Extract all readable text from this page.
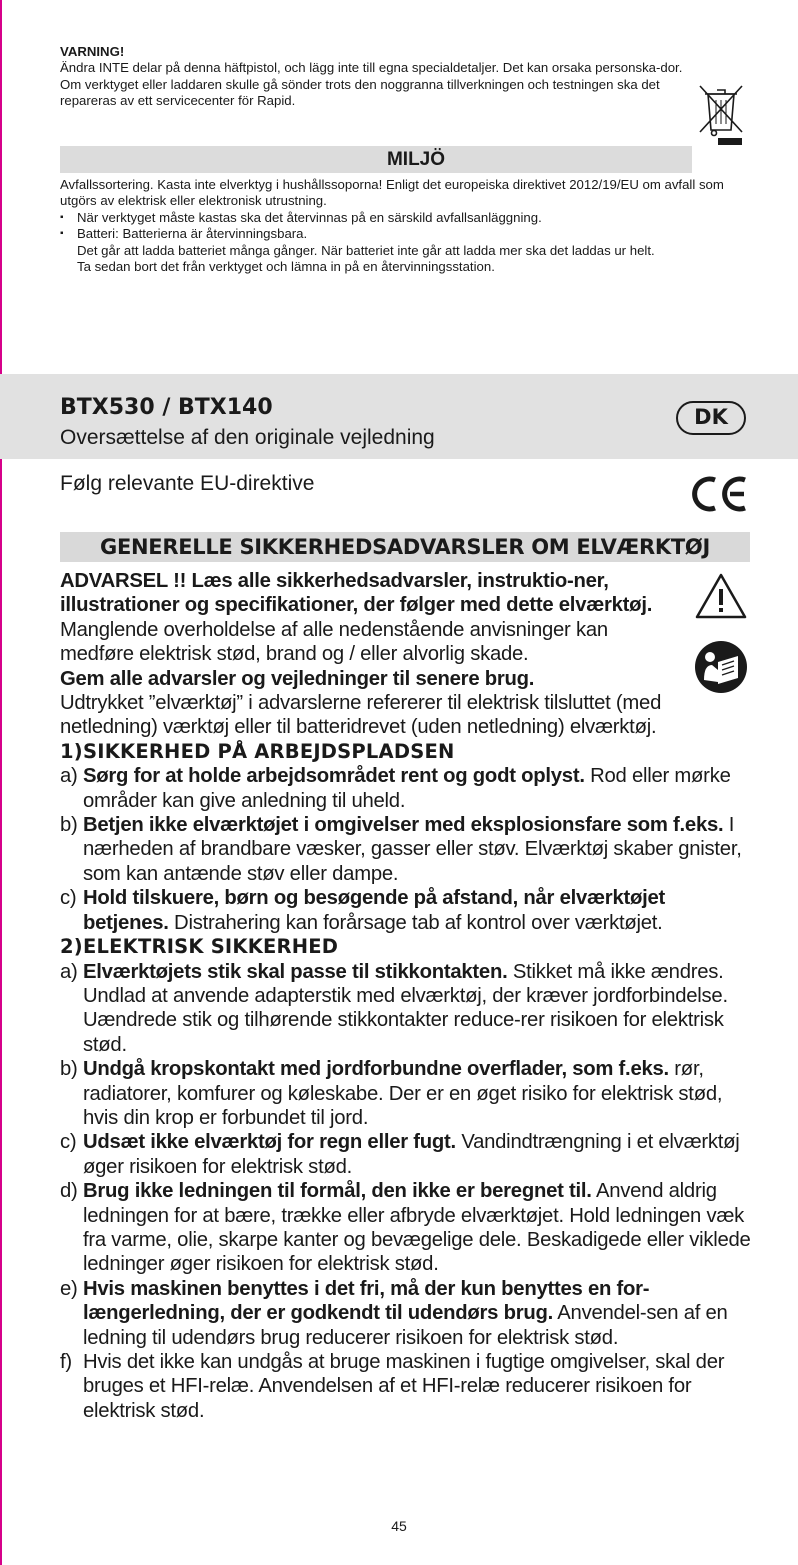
VARNING!

Ändra INTE delar på denna häftpistol, och lägg inte till egna specialdetaljer. Det kan orsaka personska-dor.

Om verktyget eller laddaren skulle gå sönder trots den noggranna tillverkningen och testningen ska det repareras av ett servicecenter för Rapid.

MILJÖ

Avfallssortering. Kasta inte elverktyg i hushållssoporna! Enligt det europeiska direktivet 2012/19/EU om avfall som utgörs av elektrisk eller elektronisk utrustning.

▪ När verktyget måste kastas ska det återvinnas på en särskild avfallsanläggning.
▪ Batteri: Batterierna är återvinningsbara.

Det går att ladda batteriet många gånger. När batteriet inte går att ladda mer ska det laddas ur helt.

Ta sedan bort det från verktyget och lämna in på en återvinningsstation.

BTX530 / BTX140
Oversættelse af den originale vejledning
DK
Følg relevante EU-direktive
GENERELLE SIKKERHEDSADVARSLER OM ELVÆRKTØJ

ADVARSEL !! Læs alle sikkerhedsadvarsler, instruktio-ner, illustrationer og specifikationer, der følger med dette elværktøj. Manglende overholdelse af alle nedenstående anvisninger kan medføre elektrisk stød, brand og / eller alvorlig skade.

Gem alle advarsler og vejledninger til senere brug.

Udtrykket ”elværktøj” i advarslerne refererer til elektrisk tilsluttet (med netledning) værktøj eller til batteridrevet (uden netledning) elværktøj.

1)SIKKERHED PÅ ARBEJDSPLADSEN

a) Sørg for at holde arbejdsområdet rent og godt oplyst. Rod eller mørke områder kan give anledning til uheld.
b) Betjen ikke elværktøjet i omgivelser med eksplosionsfare som f.eks. I nærheden af brandbare væsker, gasser eller støv. Elværktøj skaber gnister, som kan antænde støv eller dampe.
c) Hold tilskuere, børn og besøgende på afstand, når elværktøjet betjenes. Distrahering kan forårsage tab af kontrol over værktøjet.

2)ELEKTRISK SIKKERHED

a) Elværktøjets stik skal passe til stikkontakten. Stikket må ikke ændres. Undlad at anvende adapterstik med elværktøj, der kræver jordforbindelse. Uændrede stik og tilhørende stikkontakter reduce-rer risikoen for elektrisk stød.
b) Undgå kropskontakt med jordforbundne overflader, som f.eks. rør, radiatorer, komfurer og køleskabe. Der er en øget risiko for elektrisk stød, hvis din krop er forbundet til jord.
c) Udsæt ikke elværktøj for regn eller fugt. Vandindtrængning i et elværktøj øger risikoen for elektrisk stød.
d) Brug ikke ledningen til formål, den ikke er beregnet til. Anvend aldrig ledningen for at bære, trække eller afbryde elværktøjet. Hold ledningen væk fra varme, olie, skarpe kanter og bevægelige dele. Beskadigede eller viklede ledninger øger risikoen for elektrisk stød.
e) Hvis maskinen benyttes i det fri, må der kun benyttes en for-længerledning, der er godkendt til udendørs brug. Anvendel-sen af en ledning til udendørs brug reducerer risikoen for elektrisk stød.
f) Hvis det ikke kan undgås at bruge maskinen i fugtige omgivelser, skal der bruges et HFI-relæ. Anvendelsen af et HFI-relæ reducerer risikoen for elektrisk stød.
45
